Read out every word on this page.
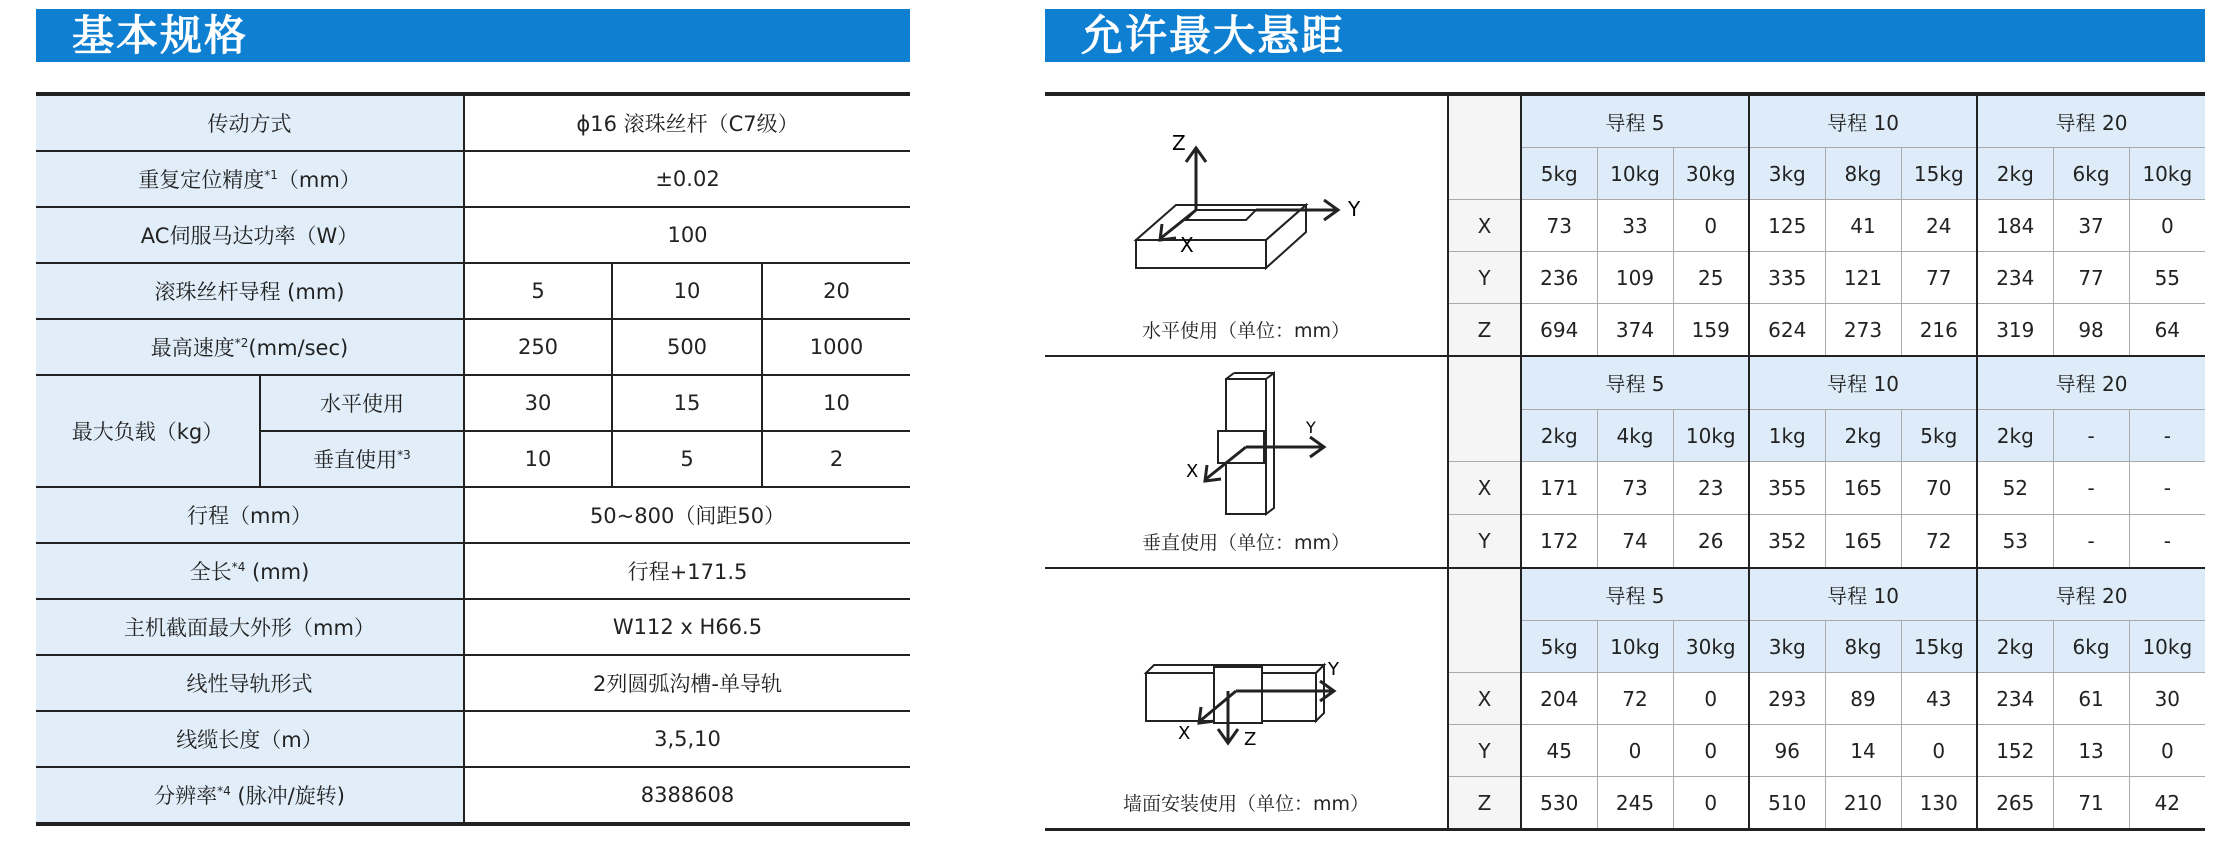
基本规格	允许最大悬距
传动方式		ϕ16 滚珠丝杆（C7级）		
重复定位精度$^{*1}$（mm）		±0.02		
AC伺服马达功率（W）		100		
滚珠丝杆导程 (mm)		5	10	20
最高速度$^{*2}$(mm/sec)		250	500	1000
最大负载（kg）	水平使用	30	15	10
	垂直使用$^{*3}$	10	5	2
行程（mm）		50~800（间距50）		
全长$^{*4}$ (mm)		行程+171.5		
主机截面最大外形（mm）		W112 x H66.5		
线性导轨形式		2列圆弧沟槽-单导轨		
线缆长度（m）		3,5,10		
分辨率$^{*4}$ (脉冲/旋转)		8388608		
Z
Y
X
水平使用（单位：mm）		导程 5			导程 10			导程 20		
		5kg	10kg	30kg	3kg	8kg	15kg	2kg	6kg	10kg
	X	73	33	0	125	41	24	184	37	0
	Y	236	109	25	335	121	77	234	77	55
	Z	694	374	159	624	273	216	319	98	64

Y
X
垂直使用（单位：mm）		导程 5			导程 10			导程 20		
		2kg	4kg	10kg	1kg	2kg	5kg	2kg	-	-
	X	171	73	23	355	165	70	52	-	-
	Y	172	74	26	352	165	72	53	-	-

Y
X Z
墙面安装使用（单位：mm）		导程 5			导程 10			导程 20		
		5kg	10kg	30kg	3kg	8kg	15kg	2kg	6kg	10kg
	X	204	72	0	293	89	43	234	61	30
	Y	45	0	0	96	14	0	152	13	0
	Z	530	245	0	510	210	130	265	71	42
